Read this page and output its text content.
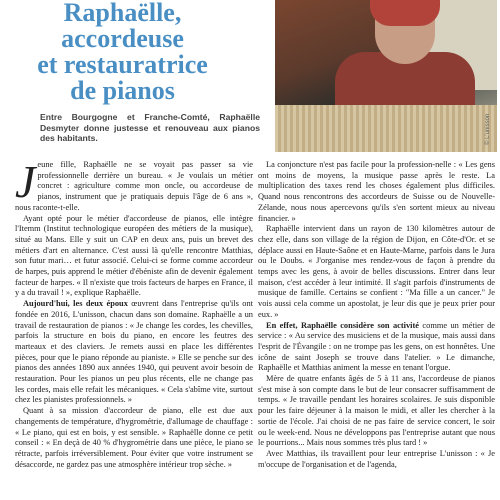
Raphaëlle,
accordeuse
et restauratrice
de pianos
© L'unisson
Entre Bourgogne et Franche-Comté, Raphaëlle Desmyter donne justesse et renouveau aux pianos des habitants.

Jeune fille, Raphaëlle ne se voyait pas passer sa vie professionnelle derrière un bureau. « Je voulais un métier concret : agriculture comme mon oncle, ou accordeuse de pianos, instrument que je pratiquais depuis l'âge de 6 ans », nous raconte-t-elle.

Ayant opté pour le métier d'accordeuse de pianos, elle intègre l'Itemm (Institut technologique européen des métiers de la musique), situé au Mans. Elle y suit un CAP en deux ans, puis un brevet des métiers d'art en alternance. C'est aussi là qu'elle rencontre Matthias, son futur mari… et futur associé. Celui-ci se forme comme accordeur de harpes, puis apprend le métier d'ébéniste afin de devenir également facteur de harpes. « Il n'existe que trois facteurs de harpes en France, il y a du travail ! », explique Raphaëlle.

Aujourd'hui, les deux époux œuvrent dans l'entreprise qu'ils ont fondée en 2016, L'unisson, chacun dans son domaine. Raphaëlle a un travail de restauration de pianos : « Je change les cordes, les chevilles, parfois la structure en bois du piano, en encore les feutres des marteaux et des claviers. Je remets aussi en place les différentes pièces, pour que le piano réponde au pianiste. » Elle se penche sur des pianos des années 1890 aux années 1940, qui peuvent avoir besoin de restauration. Pour les pianos un peu plus récents, elle ne change pas les cordes, mais elle refait les mécaniques. « Cela s'abîme vite, surtout chez les pianistes professionnels. »

Quant à sa mission d'accordeur de piano, elle est due aux changements de température, d'hygrométrie, d'allumage de chauffage : « Le piano, qui est en bois, y est sensible. » Raphaëlle donne ce petit conseil : « En deçà de 40 % d'hygrométrie dans une pièce, le piano se rétracte, parfois irréversiblement. Pour éviter que votre instrument se désaccorde, ne gardez pas une atmosphère intérieur trop sèche. »

La conjoncture n'est pas facile pour la profession-nelle : « Les gens ont moins de moyens, la musique passe après le reste. La multiplication des taxes rend les choses également plus difficiles. Quand nous rencontrons des accordeurs de Suisse ou de Nouvelle-Zélande, nous nous apercevons qu'ils s'en sortent mieux au niveau financier. »

Raphaëlle intervient dans un rayon de 130 kilomètres autour de chez elle, dans son village de la région de Dijon, en Côte-d'Or. et se déplace aussi en Haute-Saône et en Haute-Marne, parfois dans le Jura ou le Doubs. « J'organise mes rendez-vous de façon à prendre du temps avec les gens, à avoir de belles discussions. Entrer dans leur maison, c'est accéder à leur intimité. Il s'agit parfois d'instruments de musique de famille. Certains se confient : "Ma fille a un cancer." Je vois aussi cela comme un apostolat, je leur dis que je peux prier pour eux. »

En effet, Raphaëlle considère son activité comme un métier de service : « Au service des musiciens et de la musique, mais aussi dans l'esprit de l'Évangile : on ne trompe pas les gens, on est honnêtes. Une icône de saint Joseph se trouve dans l'atelier. » Le dimanche, Raphaëlle et Matthias animent la messe en tenant l'orgue.

Mère de quatre enfants âgés de 5 à 11 ans, l'accordeuse de pianos s'est mise à son compte dans le but de leur consacrer suffisamment de temps. « Je travaille pendant les horaires scolaires. Je suis disponible pour les faire déjeuner à la maison le midi, et aller les chercher à la sortie de l'école. J'ai choisi de ne pas faire de service concert, le soir ou le week-end. Nous ne développons pas l'entreprise autant que nous le pourrions... Mais nous sommes très plus tard ! »

Avec Matthias, ils travaillent pour leur entreprise L'unisson : « Je m'occupe de l'organisation et de l'agenda,
